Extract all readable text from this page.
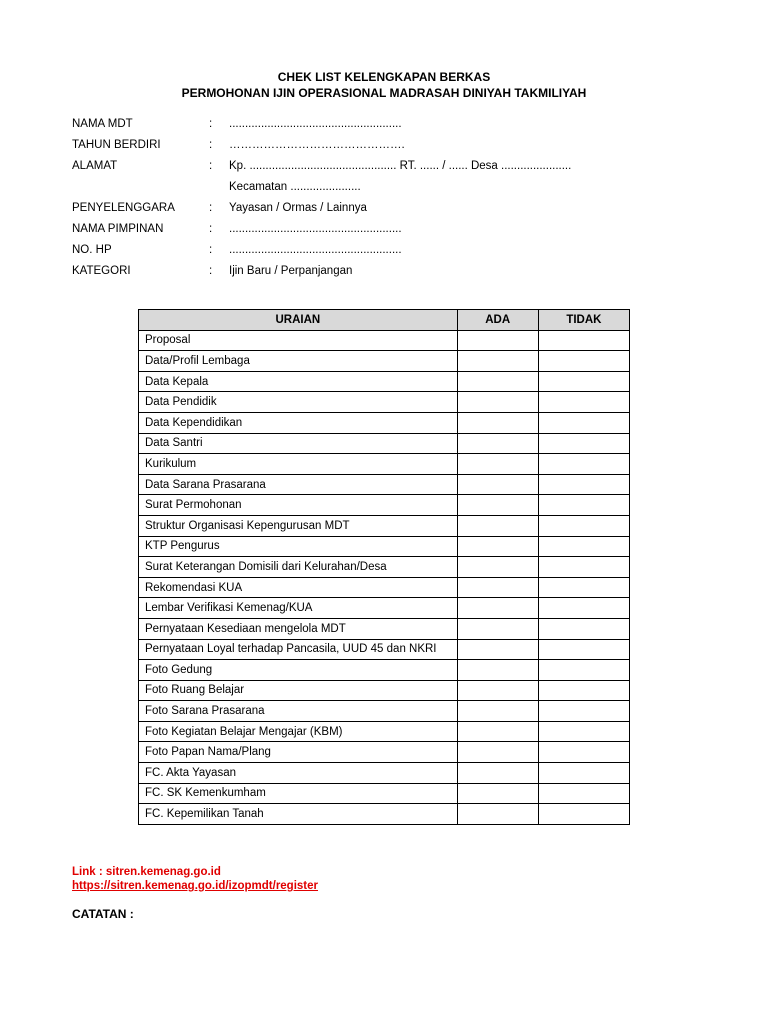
CHEK LIST KELENGKAPAN BERKAS
PERMOHONAN IJIN OPERASIONAL MADRASAH DINIYAH TAKMILIYAH
NAMA MDT	: ......................................................
TAHUN BERDIRI	: ……………………………………….
ALAMAT	: Kp. .............................................. RT. ...... / ...... Desa ......................
Kecamatan ......................
PENYELENGGARA	: Yayasan / Ormas / Lainnya
NAMA PIMPINAN	: ......................................................
NO. HP	: ......................................................
KATEGORI	: Ijin Baru / Perpanjangan
URAIAN	ADA	TIDAK
Proposal		
Data/Profil Lembaga		
Data Kepala		
Data Pendidik		
Data Kependidikan		
Data Santri		
Kurikulum		
Data Sarana Prasarana		
Surat Permohonan		
Struktur Organisasi Kepengurusan MDT		
KTP Pengurus		
Surat Keterangan Domisili dari Kelurahan/Desa		
Rekomendasi KUA		
Lembar Verifikasi Kemenag/KUA		
Pernyataan Kesediaan mengelola MDT		
Pernyataan Loyal terhadap Pancasila, UUD 45 dan NKRI		
Foto Gedung		
Foto Ruang Belajar		
Foto Sarana Prasarana		
Foto Kegiatan Belajar Mengajar (KBM)		
Foto Papan Nama/Plang		
FC. Akta Yayasan		
FC. SK Kemenkumham		
FC. Kepemilikan Tanah		
Link : sitren.kemenag.go.id
https://sitren.kemenag.go.id/izopmdt/register
CATATAN :
